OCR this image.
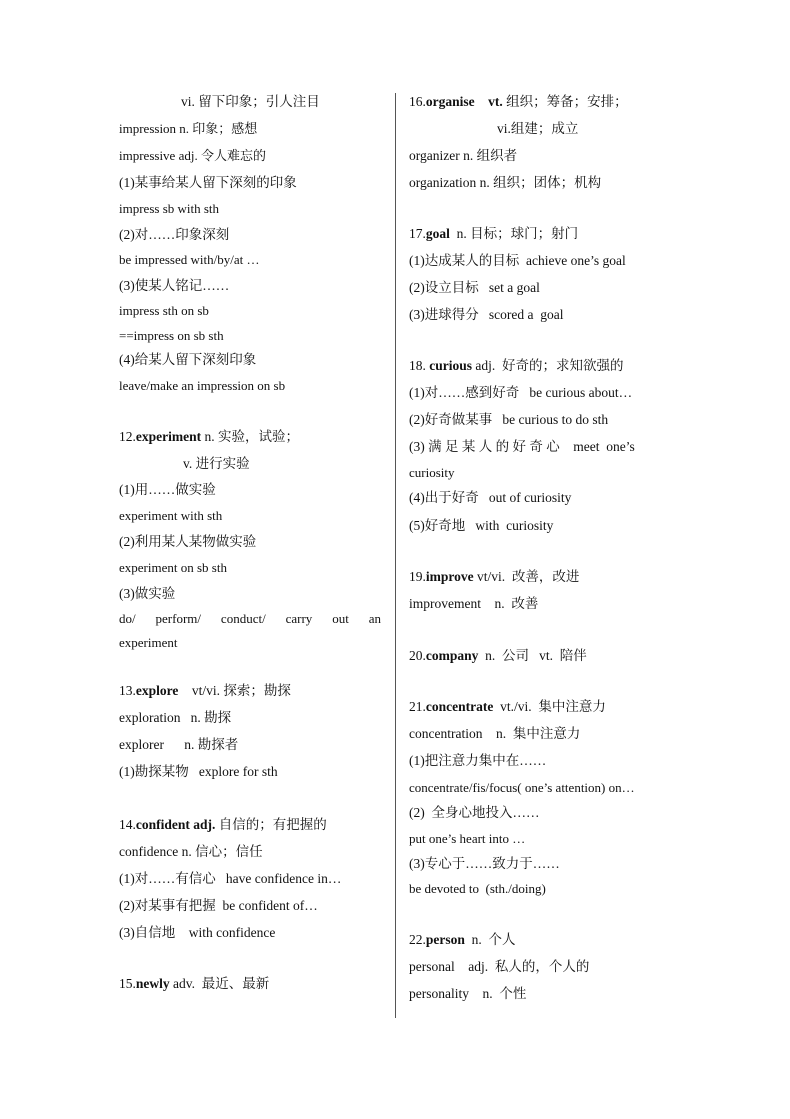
vi. 留下印象；引人注目
impression n. 印象；感想
impressive adj. 令人难忘的
(1)某事给某人留下深刻的印象
impress sb with sth
(2)对……印象深刻
be impressed with/by/at …
(3)使某人铭记……
impress sth on sb
==impress on sb sth
(4)给某人留下深刻印象
leave/make an impression on sb
12.experiment n. 实验，试验；
v. 进行实验
(1)用……做实验
experiment with sth
(2)利用某人某物做实验
experiment on sb sth
(3)做实验
do/ perform/ conduct/ carry out an
experiment
13.explore    vt/vi. 探索；勘探
exploration   n. 勘探
explorer      n. 勘探者
(1)勘探某物   explore for sth
14.confident adj. 自信的；有把握的
confidence n. 信心；信任
(1)对……有信心   have confidence in…
(2)对某事有把握  be confident of…
(3)自信地    with confidence
15.newly adv.  最近、最新
16.organise    vt. 组织；筹备；安排；
vi.组建；成立
organizer n. 组织者
organization n. 组织；团体；机构
17.goal  n. 目标；球门；射门
(1)达成某人的目标  achieve one’s goal
(2)设立目标   set a goal
(3)进球得分   scored a  goal
18. curious adj.  好奇的；求知欲强的
(1)对……感到好奇   be curious about…
(2)好奇做某事   be curious to do sth
(3) 满 足 某 人 的 好 奇 心    meet  one’s
curiosity
(4)出于好奇   out of curiosity
(5)好奇地   with  curiosity
19.improve vt/vi.  改善，改进
improvement    n.  改善
20.company  n.  公司   vt.  陪伴
21.concentrate  vt./vi.  集中注意力
concentration    n.  集中注意力
(1)把注意力集中在……
concentrate/fis/focus( one’s attention) on…
(2)  全身心地投入……
put one’s heart into …
(3)专心于……致力于……
be devoted to  (sth./doing)
22.person  n.  个人
personal    adj.  私人的，个人的
personality    n.  个性
